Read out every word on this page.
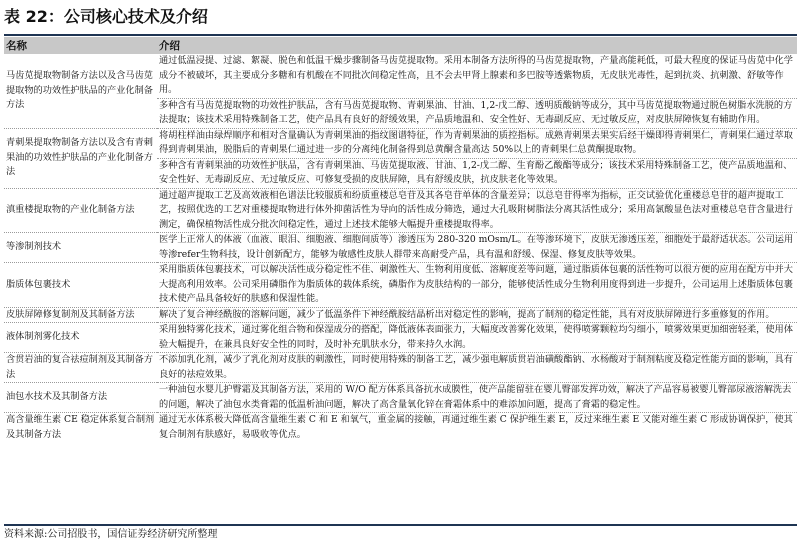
表 22：公司核心技术及介绍
名称	介绍
马齿苋提取物制备方法以及含马齿苋提取物的功效性护肤品的产业化制备方法	通过低温浸提、过滤、絮凝、脱色和低温干燥步骤制备马齿苋提取物。采用本制备方法所得的马齿苋提取物，产量高能耗低，可最大程度的保证马齿苋中化学成分不被破坏，其主要成分多糖和有机酸在不同批次间稳定性高，且不会去甲肾上腺素和多巴胺等透紫物质，无皮肤光毒性，起到抗炎、抗刺激、舒敏等作用。
	多种含有马齿苋提取物的功效性护肤品，含有马齿苋提取物、青刺果油、甘油、1,2-戊二醇、透明质酸钠等成分，其中马齿苋提取物通过脱色树脂水洗脱的方法提取；该技术采用特殊制备工艺，使产品具有良好的舒缓效果，产品质地温和、安全性好、无毒副反应、无过敏反应，对皮肤屏障恢复有辅助作用。
青刺果提取物制备方法以及含有青刺果油的功效性护肤品的产业化制备方法	将胡柱样油由绿焊顺序和相对含量确认为青刺果油的指纹图谱特征，作为青刺果油的质控指标。成熟青刺果去果实后经干燥即得青刺果仁，青刺果仁通过萃取得到青刺果油，脱脂后的青刺果仁通过进一步的分离纯化制备得到总黄酮含量高达 50%以上的青刺果仁总黄酮提取物。
	多种含有青刺果油的功效性护肤品，含有青刺果油、马齿苋提取液、甘油、1,2-戊二醇、生育酚乙酸酯等成分；该技术采用特殊制备工艺，使产品质地温和、安全性好、无毒副反应、无过敏反应、可修复受损的皮肤屏障，具有舒缓皮肤，抗皮肤老化等效果。
滇重楼提取物的产业化制备方法	通过超声提取工艺及高效液相色谱法比较服质和纷质重楼总皂苷及其各皂苷单体的含量差异；以总皂苷得率为指标，正交试验优化重楼总皂苷的超声提取工艺，按照优选的工艺对重楼提取物进行体外抑菌活性为导向的活性成分筛选，通过大孔吸附树脂法分离其活性成分；采用高氯酸显色法对重楼总皂苷含量进行测定，确保植物活性成分批次间稳定性，通过上述技术能够大幅提升重楼提取得率。
等渗制剂技术	医学上正常人的体液（血液、眼泪、细胞液、细胞间质等）渗透压为 280-320 mOsm/L。在等渗环境下，皮肤无渗透压差，细胞处于最舒适状态。公司运用等渗refer生物科技，设计创新配方，能够为敏感性皮肤人群带来高耐受产品，具有温和舒缓、保湿、修复皮肤等效果。
脂质体包裹技术	采用脂质体包裹技术，可以解决活性成分稳定性不佳、刺激性大、生物利用度低、溶解度差等问题，通过脂质体包裹的活性物可以很方便的应用在配方中并大大提高利用效率。公司采用磷脂作为脂质体的载体系统，磷脂作为皮肤结构的一部分，能够使活性成分生物利用度得到进一步提升，公司运用上述脂质体包裹技术使产品具备较好的肤感和保湿性能。
皮肤屏障修复制剂及其制备方法	解决了复合神经酰胺的溶解问题，减少了低温条件下神经酰胺结晶析出对稳定性的影响，提高了制剂的稳定性能，具有对皮肤屏障进行多重修复的作用。
液体制剂雾化技术	采用独特雾化技术，通过雾化组合物和保湿成分的搭配，降低液体表面张力，大幅度改善雾化效果，使得喷雾颗粒均匀细小，喷雾效果更加细密轻柔，使用体验大幅提升，在兼具良好安全性的同时，及时补充肌肤水分，带来持久水润。
含贯岩油的复合祛痘制剂及其制备方法	不添加乳化剂，减少了乳化剂对皮肤的刺激性，同时使用特殊的制备工艺，减少强电解质贯岩油磺酸酯钠、水杨酸对于制剂粘度及稳定性能方面的影响，具有良好的祛痘效果。
油包水技术及其制备方法	一种油包水婴儿护臀霜及其制备方法，采用的 W/O 配方体系具备抗水成膜性，使产品能留驻在婴儿臀部发挥功效，解决了产品容易被婴儿臀部尿液溶解洗去的问题，解决了油包水类膏霜的低温析油问题，解决了高含量氧化锌在膏霜体系中的难添加问题，提高了膏霜的稳定性。
高含量维生素 CE 稳定体系复合制剂及其制备方法	通过无水体系极大降低高含量维生素 C 和 E 和氧气，重金属的接触，再通过维生素 C 保护维生素 E，反过来维生素 E 又能对维生素 C 形成协调保护，使其复合制剂有肤感好，易吸收等优点。
资料来源:公司招股书，国信证券经济研究所整理
